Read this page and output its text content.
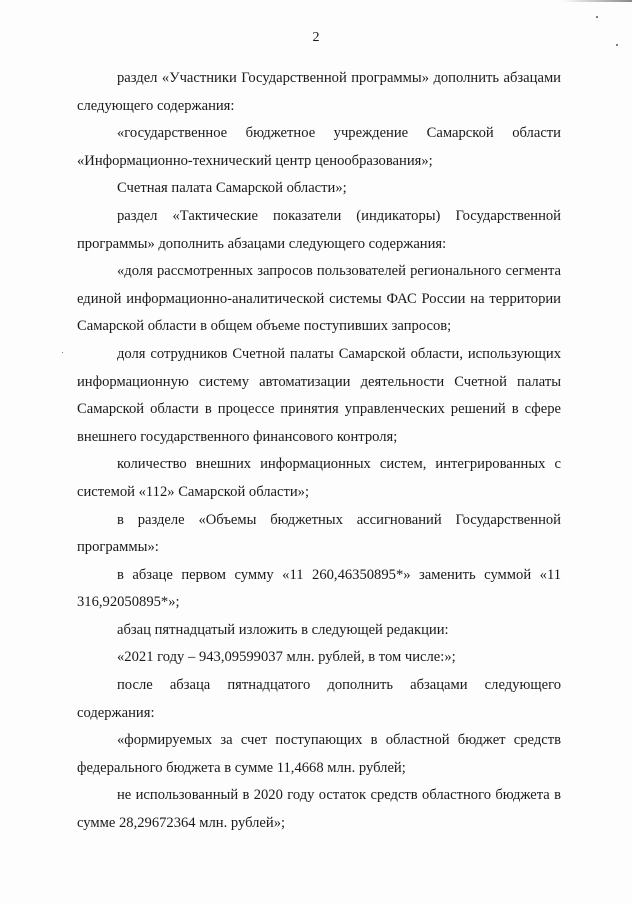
2

раздел «Участники Государственной программы» дополнить абзацами следующего содержания:

«государственное бюджетное учреждение Самарской области «Информационно-технический центр ценообразования»;

Счетная палата Самарской области»;

раздел «Тактические показатели (индикаторы) Государственной программы» дополнить абзацами следующего содержания:

«доля рассмотренных запросов пользователей регионального сегмента единой информационно-аналитической системы ФАС России на территории Самарской области в общем объеме поступивших запросов;

доля сотрудников Счетной палаты Самарской области, использующих информационную систему автоматизации деятельности Счетной палаты Самарской области в процессе принятия управленческих решений в сфере внешнего государственного финансового контроля;

количество внешних информационных систем, интегрированных с системой «112» Самарской области»;

в разделе «Объемы бюджетных ассигнований Государственной программы»:

в абзаце первом сумму «11 260,46350895*» заменить суммой «11 316,92050895*»;

абзац пятнадцатый изложить в следующей редакции:

«2021 году – 943,09599037 млн. рублей, в том числе:»;

после абзаца пятнадцатого дополнить абзацами следующего содержания:

«формируемых за счет поступающих в областной бюджет средств федерального бюджета в сумме 11,4668 млн. рублей;

не использованный в 2020 году остаток средств областного бюджета в сумме 28,29672364 млн. рублей»;
